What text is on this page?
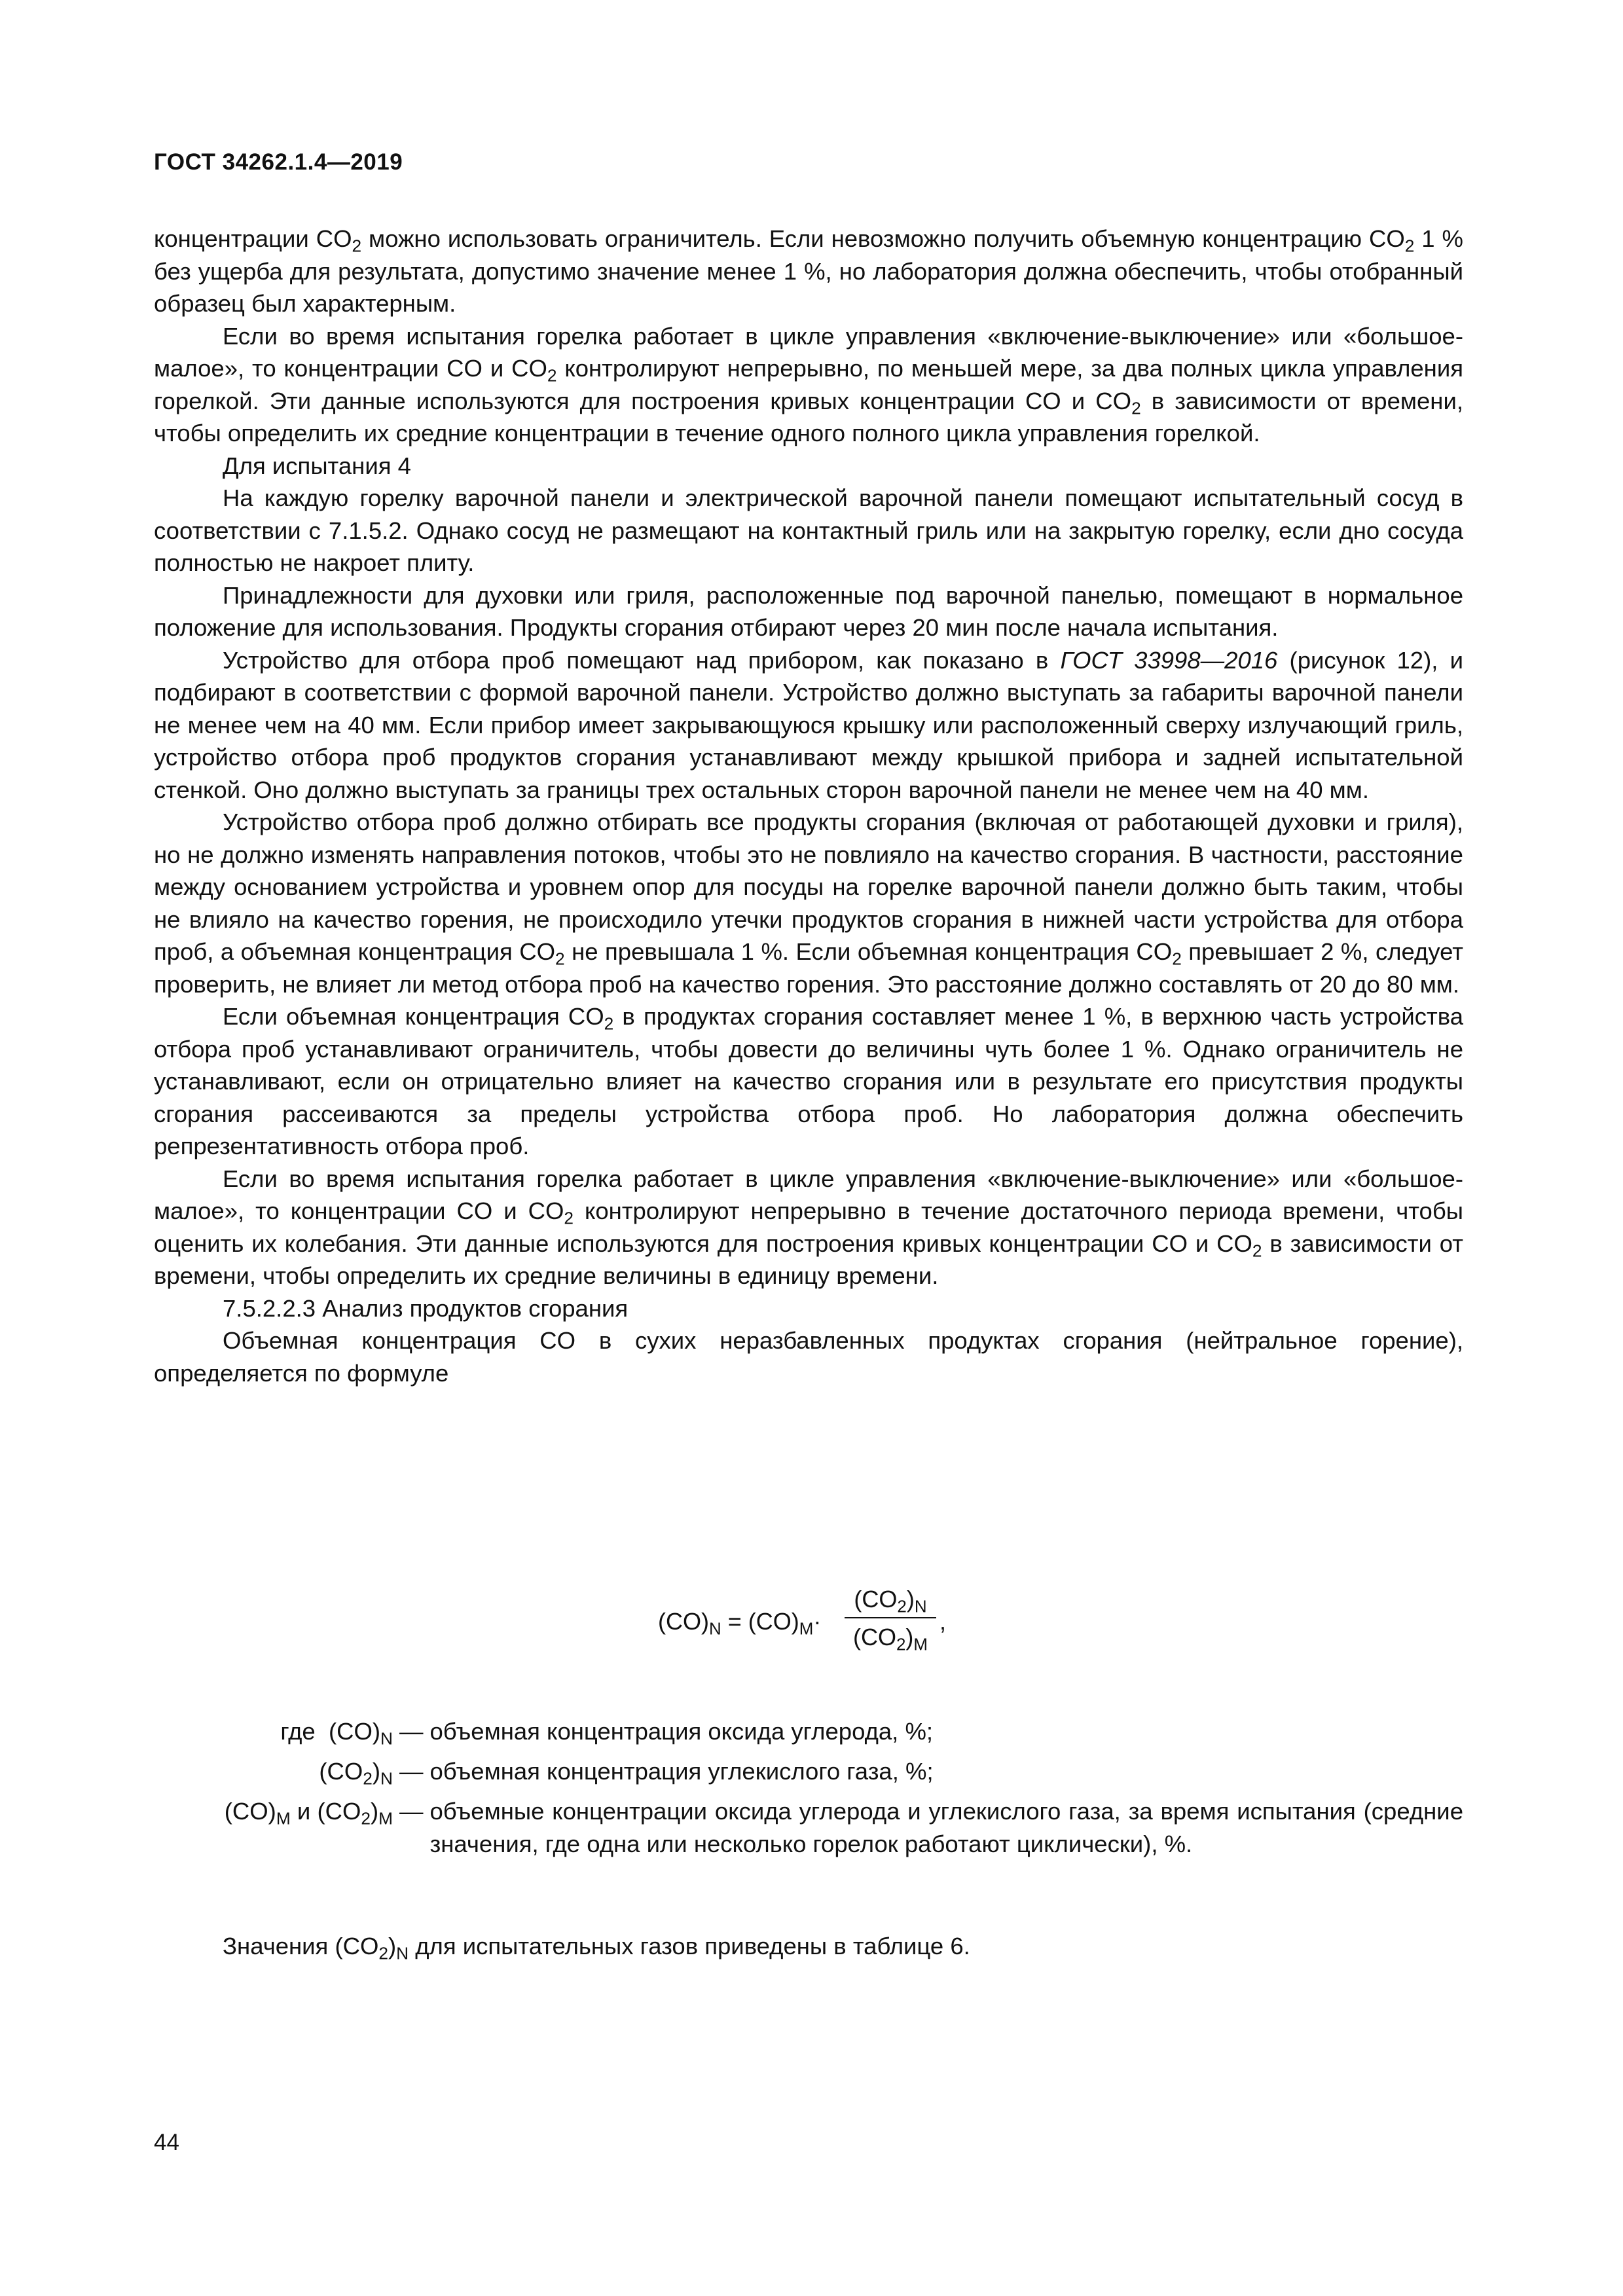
ГОСТ 34262.1.4—2019

концентрации $CO_2$ можно использовать ограничитель. Если невозможно получить объемную концентрацию $CO_2$ 1 % без ущерба для результата, допустимо значение менее 1 %, но лаборатория должна обеспечить, чтобы отобранный образец был характерным.

Если во время испытания горелка работает в цикле управления «включение-выключение» или «большое-малое», то концентрации CO и $CO_2$ контролируют непрерывно, по меньшей мере, за два полных цикла управления горелкой. Эти данные используются для построения кривых концентрации CO и $CO_2$ в зависимости от времени, чтобы определить их средние концентрации в течение одного полного цикла управления горелкой.

Для испытания 4

На каждую горелку варочной панели и электрической варочной панели помещают испытательный сосуд в соответствии с 7.1.5.2. Однако сосуд не размещают на контактный гриль или на закрытую горелку, если дно сосуда полностью не накроет плиту.

Принадлежности для духовки или гриля, расположенные под варочной панелью, помещают в нормальное положение для использования. Продукты сгорания отбирают через 20 мин после начала испытания.

Устройство для отбора проб помещают над прибором, как показано в ГОСТ 33998—2016 (рисунок 12), и подбирают в соответствии с формой варочной панели. Устройство должно выступать за габариты варочной панели не менее чем на 40 мм. Если прибор имеет закрывающуюся крышку или расположенный сверху излучающий гриль, устройство отбора проб продуктов сгорания устанавливают между крышкой прибора и задней испытательной стенкой. Оно должно выступать за границы трех остальных сторон варочной панели не менее чем на 40 мм.

Устройство отбора проб должно отбирать все продукты сгорания (включая от работающей духовки и гриля), но не должно изменять направления потоков, чтобы это не повлияло на качество сгорания. В частности, расстояние между основанием устройства и уровнем опор для посуды на горелке варочной панели должно быть таким, чтобы не влияло на качество горения, не происходило утечки продуктов сгорания в нижней части устройства для отбора проб, а объемная концентрация $CO_2$ не превышала 1 %. Если объемная концентрация $CO_2$ превышает 2 %, следует проверить, не влияет ли метод отбора проб на качество горения. Это расстояние должно составлять от 20 до 80 мм.

Если объемная концентрация $CO_2$ в продуктах сгорания составляет менее 1 %, в верхнюю часть устройства отбора проб устанавливают ограничитель, чтобы довести до величины чуть более 1 %. Однако ограничитель не устанавливают, если он отрицательно влияет на качество сгорания или в результате его присутствия продукты сгорания рассеиваются за пределы устройства отбора проб. Но лаборатория должна обеспечить репрезентативность отбора проб.

Если во время испытания горелка работает в цикле управления «включение-выключение» или «большое-малое», то концентрации CO и $CO_2$ контролируют непрерывно в течение достаточного периода времени, чтобы оценить их колебания. Эти данные используются для построения кривых концентрации CO и $CO_2$ в зависимости от времени, чтобы определить их средние величины в единицу времени.

7.5.2.2.3 Анализ продуктов сгорания

Объемная концентрация CO в сухих неразбавленных продуктах сгорания (нейтральное горение), определяется по формуле

$(CO)_N = (CO)_M\cdot$
$(CO_2)_N$
$(CO_2)_M$
,
где $(CO)_N$	—	объемная концентрация оксида углерода, %;
$(CO_2)_N$	—	объемная концентрация углекислого газа, %;
$(CO)_M$ и $(CO_2)_M$	—	объемные концентрации оксида углерода и углекислого газа, за время испытания (средние значения, где одна или несколько горелок работают циклически), %.
Значения $(CO_2)_N$ для испытательных газов приведены в таблице 6.
44
